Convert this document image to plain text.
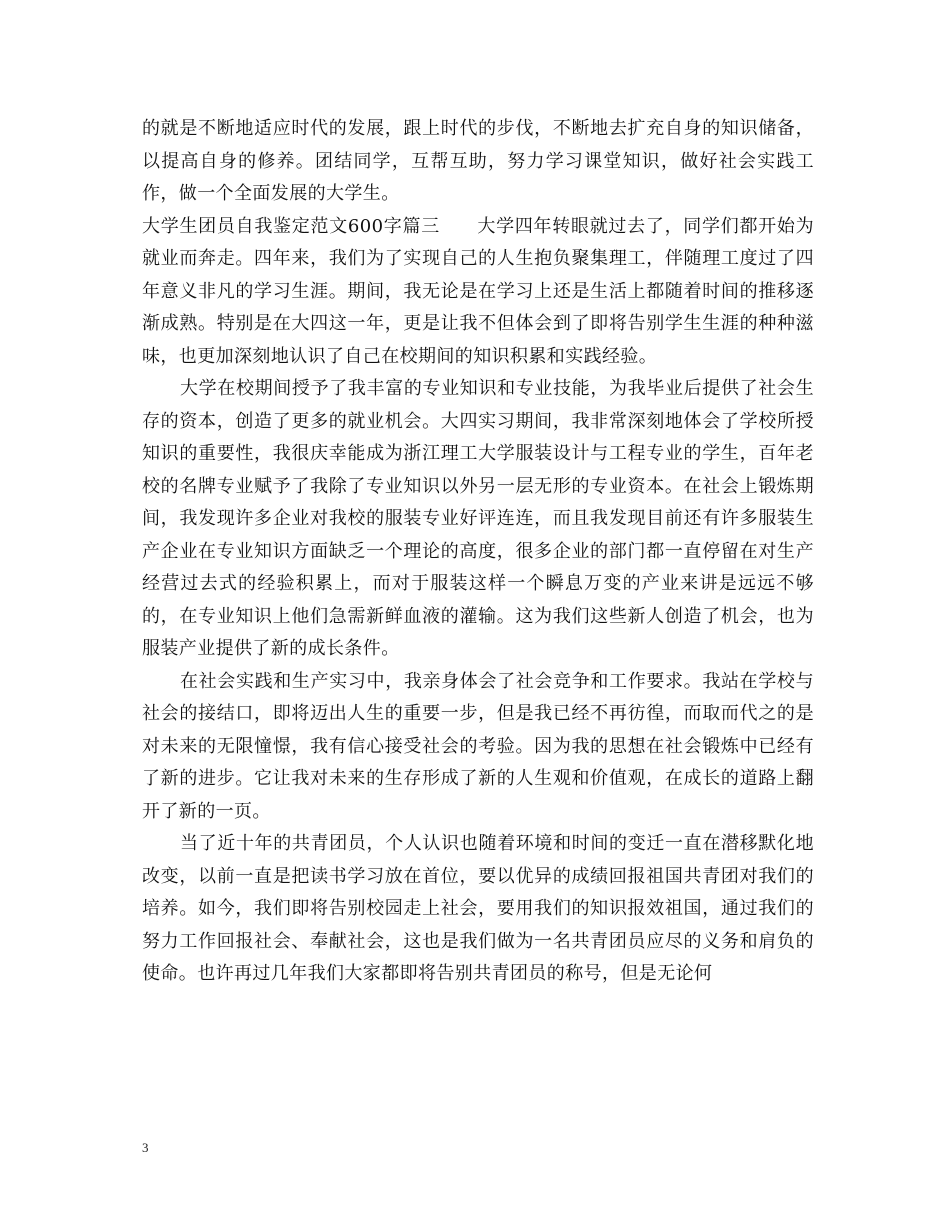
的就是不断地适应时代的发展，跟上时代的步伐，不断地去扩充自身的知识储备，以提高自身的修养。团结同学，互帮互助，努力学习课堂知识，做好社会实践工作，做一个全面发展的大学生。

大学生团员自我鉴定范文600字篇三　　大学四年转眼就过去了，同学们都开始为就业而奔走。四年来，我们为了实现自己的人生抱负聚集理工，伴随理工度过了四年意义非凡的学习生涯。期间，我无论是在学习上还是生活上都随着时间的推移逐渐成熟。特别是在大四这一年，更是让我不但体会到了即将告别学生生涯的种种滋味，也更加深刻地认识了自己在校期间的知识积累和实践经验。

大学在校期间授予了我丰富的专业知识和专业技能，为我毕业后提供了社会生存的资本，创造了更多的就业机会。大四实习期间，我非常深刻地体会了学校所授知识的重要性，我很庆幸能成为浙江理工大学服装设计与工程专业的学生，百年老校的名牌专业赋予了我除了专业知识以外另一层无形的专业资本。在社会上锻炼期间，我发现许多企业对我校的服装专业好评连连，而且我发现目前还有许多服装生产企业在专业知识方面缺乏一个理论的高度，很多企业的部门都一直停留在对生产经营过去式的经验积累上，而对于服装这样一个瞬息万变的产业来讲是远远不够的，在专业知识上他们急需新鲜血液的灌输。这为我们这些新人创造了机会，也为服装产业提供了新的成长条件。

在社会实践和生产实习中，我亲身体会了社会竞争和工作要求。我站在学校与社会的接结口，即将迈出人生的重要一步，但是我已经不再彷徨，而取而代之的是对未来的无限憧憬，我有信心接受社会的考验。因为我的思想在社会锻炼中已经有了新的进步。它让我对未来的生存形成了新的人生观和价值观，在成长的道路上翻开了新的一页。

当了近十年的共青团员，个人认识也随着环境和时间的变迁一直在潜移默化地改变，以前一直是把读书学习放在首位，要以优异的成绩回报祖国共青团对我们的培养。如今，我们即将告别校园走上社会，要用我们的知识报效祖国，通过我们的努力工作回报社会、奉献社会，这也是我们做为一名共青团员应尽的义务和肩负的使命。也许再过几年我们大家都即将告别共青团员的称号，但是无论何

3
